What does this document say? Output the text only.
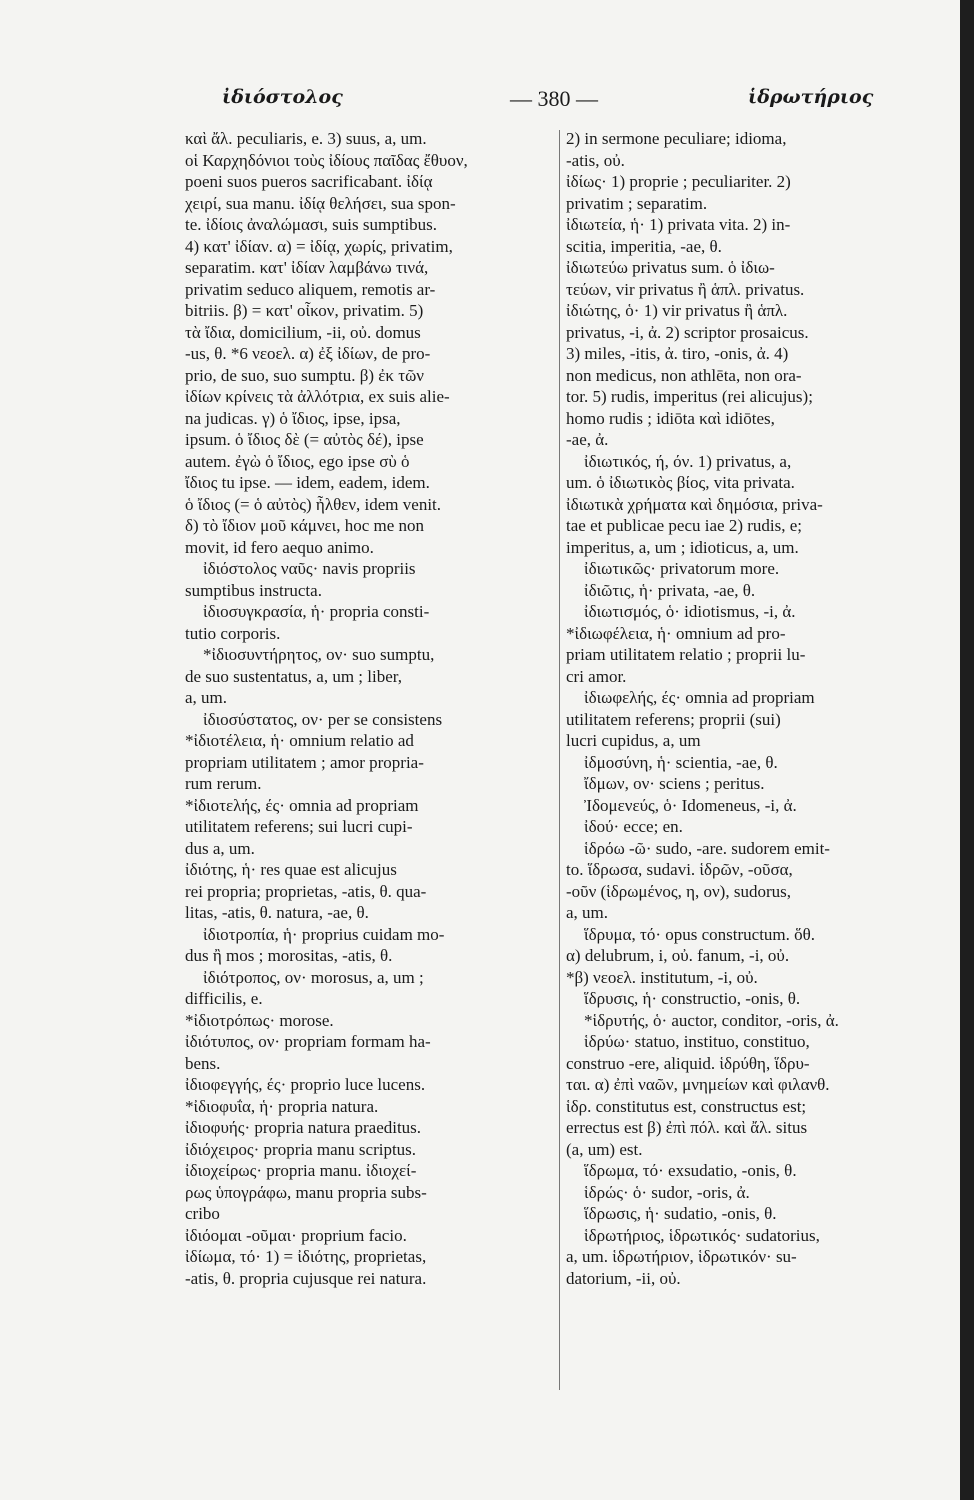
ἰδιόστολος	— 380 —	ἱδρωτήριος
καὶ ἄλ. peculiaris, e. 3) suus, a, um.
οἱ Καρχηδόνιοι τοὺς ἰδίους παῖδας ἔθυον,
poeni suos pueros sacrificabant. ἰδίᾳ
χειρί, sua manu. ἰδίᾳ θελήσει, sua spon-
te. ἰδίοις ἀναλώμασι, suis sumptibus.
4) κατ' ἰδίαν. α) = ἰδίᾳ, χωρίς, privatim,
separatim. κατ' ἰδίαν λαμβάνω τινά,
privatim seduco aliquem, remotis ar-
bitriis. β) = κατ' οἶκον, privatim. 5)
τὰ ἴδια, domicilium, -ii, οὐ. domus
-us, θ. *6 νεοελ. α) ἐξ ἰδίων, de pro-
prio, de suo, suo sumptu. β) ἐκ τῶν
ἰδίων κρίνεις τὰ ἀλλότρια, ex suis alie-
na judicas. γ) ὁ ἴδιος, ipse, ipsa,
ipsum. ὁ ἴδιος δὲ (= αὐτὸς δέ), ipse
autem. ἐγὼ ὁ ἴδιος, ego ipse σὺ ὁ
ἴδιος tu ipse. — idem, eadem, idem.
ὁ ἴδιος (= ὁ αὐτὸς) ἦλθεν, idem venit.
δ) τὸ ἴδιον μοῦ κάμνει, hoc me non
movit, id fero aequo animo.
ἰδιόστολος ναῦς· navis propriis
sumptibus instructa.
ἰδιοσυγκρασία, ἡ· propria consti-
tutio corporis.
*ἰδιοσυντήρητος, ον· suo sumptu,
de suo sustentatus, a, um ; liber,
a, um.
ἰδιοσύστατος, ον· per se consistens
*ἰδιοτέλεια, ἡ· omnium relatio ad
propriam utilitatem ; amor propria-
rum rerum.
*ἰδιοτελής, ές· omnia ad propriam
utilitatem referens; sui lucri cupi-
dus a, um.
ἰδιότης, ἡ· res quae est alicujus
rei propria; proprietas, -atis, θ. qua-
litas, -atis, θ. natura, -ae, θ.
ἰδιοτροπία, ἡ· proprius cuidam mo-
dus ἢ mos ; morositas, -atis, θ.
ἰδιότροπος, ον· morosus, a, um ;
difficilis, e.
*ἰδιοτρόπως· morose.
ἰδιότυπος, ον· propriam formam ha-
bens.
ἰδιοφεγγής, ές· proprio luce lucens.
*ἰδιοφυΐα, ἡ· propria natura.
ἰδιοφυής· propria natura praeditus.
ἰδιόχειρος· propria manu scriptus.
ἰδιοχείρως· propria manu. ἰδιοχεί-
ρως ὑπογράφω, manu propria subs-
cribo
ἰδιόομαι -οῦμαι· proprium facio.
ἰδίωμα, τό· 1) = ἰδιότης, proprietas,
-atis, θ. propria cujusque rei natura.
2) in sermone peculiare; idioma,
-atis, οὐ.
ἰδίως· 1) proprie ; peculiariter. 2)
privatim ; separatim.
ἰδιωτεία, ἡ· 1) privata vita. 2) in-
scitia, imperitia, -ae, θ.
ἰδιωτεύω privatus sum. ὁ ἰδιω-
τεύων, vir privatus ἢ ἁπλ. privatus.
ἰδιώτης, ὁ· 1) vir privatus ἢ ἁπλ.
privatus, -i, ἀ. 2) scriptor prosaicus.
3) miles, -itis, ἀ. tiro, -onis, ἀ. 4)
non medicus, non athlēta, non ora-
tor. 5) rudis, imperitus (rei alicujus);
homo rudis ; idiōta καὶ idiōtes,
-ae, ἀ.
ἰδιωτικός, ή, όν. 1) privatus, a,
um. ὁ ἰδιωτικὸς βίος, vita privata.
ἰδιωτικὰ χρήματα καὶ δημόσια, priva-
tae et publicae pecu iae 2) rudis, e;
imperitus, a, um ; idioticus, a, um.
ἰδιωτικῶς· privatorum more.
ἰδιῶτις, ἡ· privata, -ae, θ.
ἰδιωτισμός, ὁ· idiotismus, -i, ἀ.
*ἰδιωφέλεια, ἡ· omnium ad pro-
priam utilitatem relatio ; proprii lu-
cri amor.
ἰδιωφελής, ές· omnia ad propriam
utilitatem referens; proprii (sui)
lucri cupidus, a, um
ἰδμοσύνη, ἡ· scientia, -ae, θ.
ἴδμων, ον· sciens ; peritus.
Ἰδομενεύς, ὁ· Idomeneus, -i, ἀ.
ἰδού· ecce; en.
ἱδρόω -ῶ· sudo, -are. sudorem emit-
to. ἵδρωσα, sudavi. ἱδρῶν, -οῦσα,
-οῦν (ἱδρωμένος, η, ον), sudorus,
a, um.
ἵδρυμα, τό· opus constructum. ὅθ.
α) delubrum, i, οὐ. fanum, -i, οὐ.
*β) νεοελ. institutum, -i, οὐ.
ἵδρυσις, ἡ· constructio, -onis, θ.
*ἱδρυτής, ὁ· auctor, conditor, -oris, ἀ.
ἱδρύω· statuo, instituo, constituo,
construo -ere, aliquid. ἱδρύθη, ἵδρυ-
ται. α) ἐπὶ ναῶν, μνημείων καὶ φιλανθ.
ἱδρ. constitutus est, constructus est;
errectus est β) ἐπὶ πόλ. καὶ ἄλ. situs
(a, um) est.
ἵδρωμα, τό· exsudatio, -onis, θ.
ἱδρώς· ὁ· sudor, -oris, ἀ.
ἵδρωσις, ἡ· sudatio, -onis, θ.
ἱδρωτήριος, ἱδρωτικός· sudatorius,
a, um. ἱδρωτήριον, ἱδρωτικόν· su-
datorium, -ii, οὐ.
